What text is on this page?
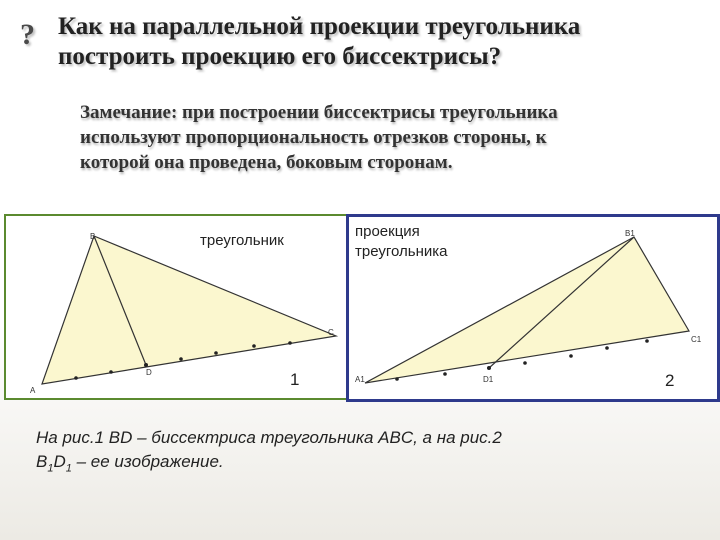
? Как на параллельной проекции треугольника
построить проекцию его биссектрисы?
Замечание: при построении биссектрисы треугольника
используют пропорциональность отрезков стороны, к
которой она проведена, боковым сторонам.
B
C
A
D
треугольник
1
B1
C1
A1	D1
проекция
треугольника
2
На рис.1 BD – биссектриса треугольника ABC, а на рис.2
$B_1D_1$ – ее изображение.
